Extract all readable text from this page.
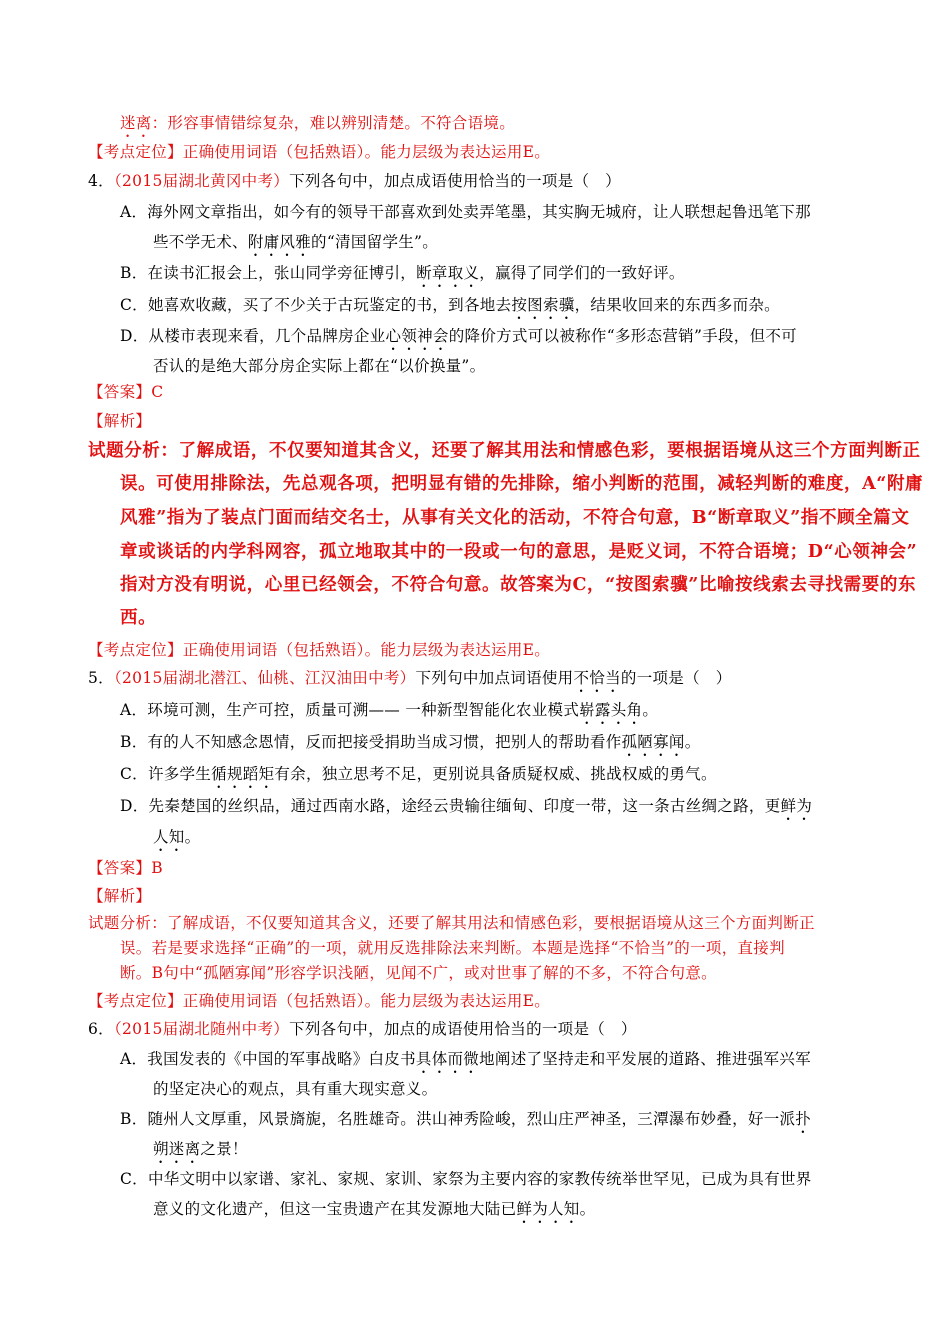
迷离：形容事情错综复杂，难以辨别清楚。不符合语境。
【考点定位】正确使用词语（包括熟语）。能力层级为表达运用E。
4．（2015届湖北黄冈中考）下列各句中，加点成语使用恰当的一项是（　）
A．海外网文章指出，如今有的领导干部喜欢到处卖弄笔墨，其实胸无城府，让人联想起鲁迅笔下那
些不学无术、附庸风雅的“清国留学生”。
B．在读书汇报会上，张山同学旁征博引，断章取义，赢得了同学们的一致好评。
C．她喜欢收藏，买了不少关于古玩鉴定的书，到各地去按图索骥，结果收回来的东西多而杂。
D．从楼市表现来看，几个品牌房企业心领神会的降价方式可以被称作“多形态营销”手段，但不可
否认的是绝大部分房企实际上都在“以价换量”。
【答案】C
【解析】
试题分析：了解成语，不仅要知道其含义，还要了解其用法和情感色彩，要根据语境从这三个方面判断正
误。可使用排除法，先总观各项，把明显有错的先排除，缩小判断的范围，减轻判断的难度，A“附庸
风雅”指为了装点门面而结交名士，从事有关文化的活动，不符合句意，B“断章取义”指不顾全篇文
章或谈话的内学科网容，孤立地取其中的一段或一句的意思，是贬义词，不符合语境；D“心领神会”
指对方没有明说，心里已经领会，不符合句意。故答案为C，“按图索骥”比喻按线索去寻找需要的东
西。
【考点定位】正确使用词语（包括熟语）。能力层级为表达运用E。
5．（2015届湖北潜江、仙桃、江汉油田中考）下列句中加点词语使用不恰当的一项是（　）
A．环境可测，生产可控，质量可溯—— 一种新型智能化农业模式崭露头角。
B．有的人不知感念恩情，反而把接受捐助当成习惯，把别人的帮助看作孤陋寡闻。
C．许多学生循规蹈矩有余，独立思考不足，更别说具备质疑权威、挑战权威的勇气。
D．先秦楚国的丝织品，通过西南水路，途经云贵输往缅甸、印度一带，这一条古丝绸之路，更鲜为
人知。
【答案】B
【解析】
试题分析：了解成语，不仅要知道其含义，还要了解其用法和情感色彩，要根据语境从这三个方面判断正
误。若是要求选择“正确”的一项，就用反选排除法来判断。本题是选择“不恰当”的一项，直接判
断。B句中“孤陋寡闻”形容学识浅陋，见闻不广，或对世事了解的不多，不符合句意。
【考点定位】正确使用词语（包括熟语）。能力层级为表达运用E。
6．（2015届湖北随州中考）下列各句中，加点的成语使用恰当的一项是（　）
A．我国发表的《中国的军事战略》白皮书具体而微地阐述了坚持走和平发展的道路、推进强军兴军
的坚定决心的观点，具有重大现实意义。
B．随州人文厚重，风景旖旎，名胜雄奇。洪山神秀险峻，烈山庄严神圣，三潭瀑布妙叠，好一派扑
朔迷离之景！
C．中华文明中以家谱、家礼、家规、家训、家祭为主要内容的家教传统举世罕见，已成为具有世界
意义的文化遗产，但这一宝贵遗产在其发源地大陆已鲜为人知。
